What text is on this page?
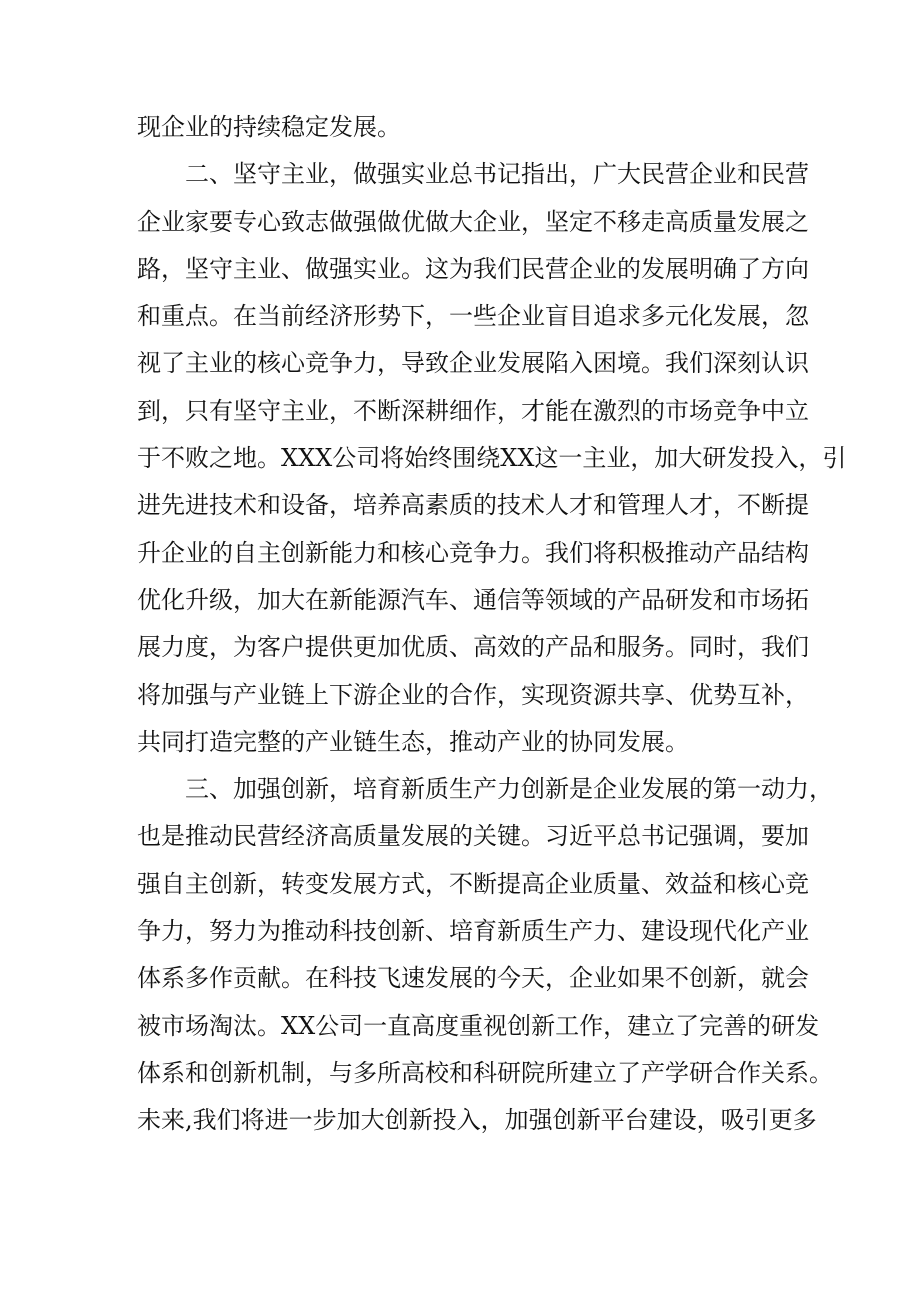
现企业的持续稳定发展。
　　二、坚守主业，做强实业总书记指出，广大民营企业和民营
企业家要专心致志做强做优做大企业，坚定不移走高质量发展之
路，坚守主业、做强实业。这为我们民营企业的发展明确了方向
和重点。在当前经济形势下，一些企业盲目追求多元化发展，忽
视了主业的核心竞争力，导致企业发展陷入困境。我们深刻认识
到，只有坚守主业，不断深耕细作，才能在激烈的市场竞争中立
于不败之地。XXX公司将始终围绕XX这一主业，加大研发投入，引
进先进技术和设备，培养高素质的技术人才和管理人才，不断提
升企业的自主创新能力和核心竞争力。我们将积极推动产品结构
优化升级，加大在新能源汽车、通信等领域的产品研发和市场拓
展力度，为客户提供更加优质、高效的产品和服务。同时，我们
将加强与产业链上下游企业的合作，实现资源共享、优势互补，
共同打造完整的产业链生态，推动产业的协同发展。
　　三、加强创新，培育新质生产力创新是企业发展的第一动力，
也是推动民营经济高质量发展的关键。习近平总书记强调，要加
强自主创新，转变发展方式，不断提高企业质量、效益和核心竞
争力，努力为推动科技创新、培育新质生产力、建设现代化产业
体系多作贡献。在科技飞速发展的今天，企业如果不创新，就会
被市场淘汰。XX公司一直高度重视创新工作，建立了完善的研发
体系和创新机制，与多所高校和科研院所建立了产学研合作关系。
未来,我们将进一步加大创新投入，加强创新平台建设，吸引更多
